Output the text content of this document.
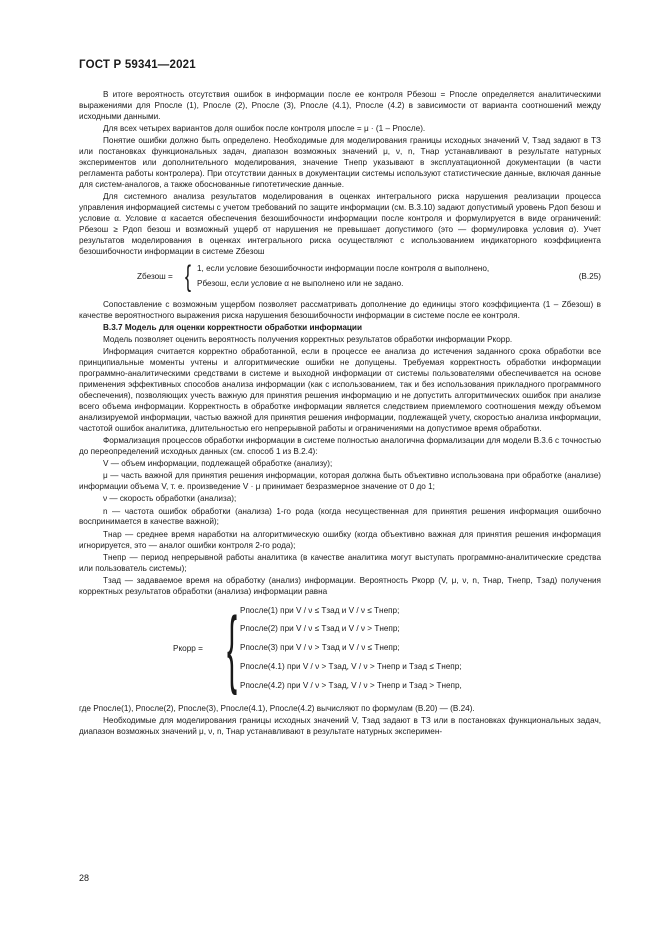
ГОСТ Р 59341—2021

В итоге вероятность отсутствия ошибок в информации после ее контроля Pбезош = Pпосле определяется аналитическими выражениями для Pпосле (1), Pпосле (2), Pпосле (3), Pпосле (4.1), Pпосле (4.2) в зависимости от варианта соотношений между исходными данными.

Для всех четырех вариантов доля ошибок после контроля μпосле = μ · (1 – Pпосле).

Понятие ошибки должно быть определено. Необходимые для моделирования границы исходных значений V, Tзад задают в ТЗ или постановках функциональных задач, диапазон возможных значений μ, ν, n, Tнар устанавливают в результате натурных экспериментов или дополнительного моделирования, значение Tнепр указывают в эксплуатационной документации (в части регламента работы контролера). При отсутствии данных в документации системы используют статистические данные, включая данные для систем-аналогов, а также обоснованные гипотетические данные.

Для системного анализа результатов моделирования в оценках интегрального риска нарушения реализации процесса управления информацией системы с учетом требований по защите информации (см. В.3.10) задают допустимый уровень Pдоп безош и условие α. Условие α касается обеспечения безошибочности информации после контроля и формулируется в виде ограничений: Pбезош ≥ Pдоп безош и возможный ущерб от нарушения не превышает допустимого (это — формулировка условия α). Учет результатов моделирования в оценках интегрального риска осуществляют с использованием индикаторного коэффициента безошибочности информации в системе Zбезош

Zбезош = { 1, если условие безошибочности информации после контроля α выполнено,
Pбезош, если условие α не выполнено или не задано.
(В.25)

Сопоставление с возможным ущербом позволяет рассматривать дополнение до единицы этого коэффициента (1 – Zбезош) в качестве вероятностного выражения риска нарушения безошибочности информации в системе после ее контроля.

В.3.7 Модель для оценки корректности обработки информации

Модель позволяет оценить вероятность получения корректных результатов обработки информации Pкорр.

Информация считается корректно обработанной, если в процессе ее анализа до истечения заданного срока обработки все принципиальные моменты учтены и алгоритмические ошибки не допущены. Требуемая корректность обработки информации программно-аналитическими средствами в системе и выходной информации от системы пользователями обеспечивается на основе применения эффективных способов анализа информации (как с использованием, так и без использования прикладного программного обеспечения), позволяющих учесть важную для принятия решения информацию и не допустить алгоритмических ошибок при анализе всего объема информации. Корректность в обработке информации является следствием приемлемого соотношения между объемом анализируемой информации, частью важной для принятия решения информации, подлежащей учету, скоростью анализа информации, частотой ошибок аналитика, длительностью его непрерывной работы и ограничениями на допустимое время обработки.

Формализация процессов обработки информации в системе полностью аналогична формализации для модели В.3.6 с точностью до переопределений исходных данных (см. способ 1 из В.2.4):

V — объем информации, подлежащей обработке (анализу);

μ — часть важной для принятия решения информации, которая должна быть объективно использована при обработке (анализе) информации объема V, т. е. произведение V · μ принимает безразмерное значение от 0 до 1;

ν — скорость обработки (анализа);

n — частота ошибок обработки (анализа) 1-го рода (когда несущественная для принятия решения информация ошибочно воспринимается в качестве важной);

Tнар — среднее время наработки на алгоритмическую ошибку (когда объективно важная для принятия решения информация игнорируется, это — аналог ошибки контроля 2-го рода);

Tнепр — период непрерывной работы аналитика (в качестве аналитика могут выступать программно-аналитические средства или пользователь системы);

Tзад — задаваемое время на обработку (анализ) информации. Вероятность Pкорр (V, μ, ν, n, Tнар, Tнепр, Tзад) получения корректных результатов обработки (анализа) информации равна

Pкорр = { Pпосле(1) при V / ν ≤ Tзад и V / ν ≤ Tнепр;
Pпосле(2) при V / ν ≤ Tзад и V / ν > Tнепр;
Pпосле(3) при V / ν > Tзад и V / ν ≤ Tнепр;
Pпосле(4.1) при V / ν > Tзад, V / ν > Tнепр и Tзад ≤ Tнепр;
Pпосле(4.2) при V / ν > Tзад, V / ν > Tнепр и Tзад > Tнепр,

где Pпосле(1), Pпосле(2), Pпосле(3), Pпосле(4.1), Pпосле(4.2) вычисляют по формулам (В.20) — (В.24).

Необходимые для моделирования границы исходных значений V, Tзад задают в ТЗ или в постановках функциональных задач, диапазон возможных значений μ, ν, n, Tнар устанавливают в результате натурных эксперимен-

28
